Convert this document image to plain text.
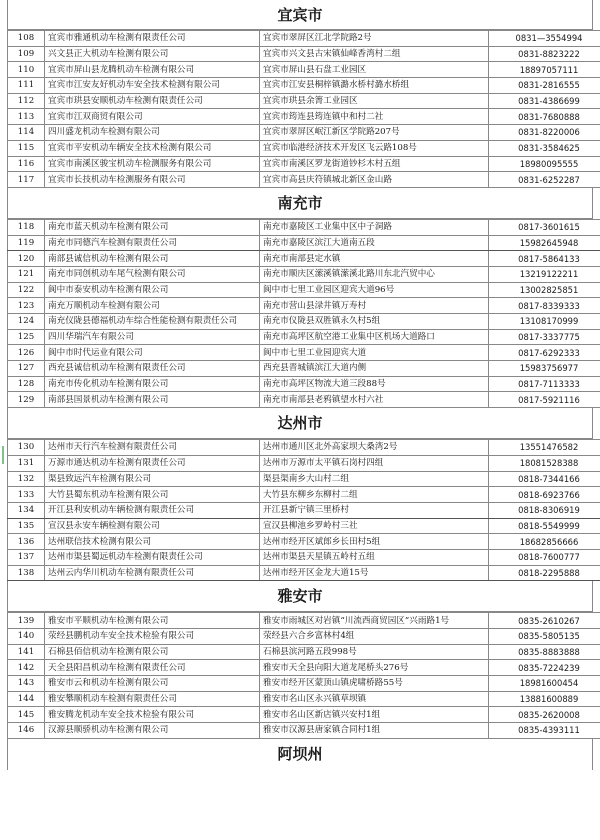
宜宾市
108	宜宾市雅通机动车检测有限责任公司	宜宾市翠屏区江北学院路2号	0831—3554994
109	兴文县正大机动车检测有限公司	宜宾市兴文县古宋镇仙峰香湾村二组	0831-8823222
110	宜宾市屏山县龙腾机动车检测有限公司	宜宾市屏山县石盘工业园区	18897057111
111	宜宾市江安友好机动车安全技术检测有限公司	宜宾市江安县桐梓镇潞水桥村潞水桥组	0831-2816555
112	宜宾市珙县安顺机动车检测有限责任公司	宜宾市珙县余箐工业园区	0831-4386699
113	宜宾市江双商贸有限公司	宜宾市筠连县筠连镇中和村二社	0831-7680888
114	四川盛龙机动车检测有限公司	宜宾市翠屏区岷江新区学院路207号	0831-8220006
115	宜宾市平安机动车辆安全技术检测有限公司	宜宾市临港经济技术开发区飞云路108号	0831-3584625
116	宜宾市南溪区骏宝机动车检测服务有限公司	宜宾市南溪区罗龙街道钞杉木村五组	18980095555
117	宜宾市长技机动车检测服务有限公司	宜宾市高县庆符镇城北新区金山路	0831-6252287
南充市
118	南充市蓝天机动车检测有限公司	南充市嘉陵区工业集中区中子洞路	0817-3601615
119	南充市同德汽车检测有限责任公司	南充市嘉陵区滨江大道南五段	15982645948
120	南部县诚信机动车检测有限公司	南充市南部县定水镇	0817-5864133
121	南充市同创机动车尾气检测有限公司	南充市顺庆区潆溪镇潆溪北路川东北汽贸中心	13219122211
122	阆中市泰安机动车检测有限公司	阆中市七里工业园区迎宾大道96号	13002825851
123	南充万顺机动车检测有限公司	南充市营山县渌井镇万寿村	0817-8339333
124	南充仪陇县德福机动车综合性能检测有限责任公司	南充市仪陇县双胜镇永久村5组	13108170999
125	四川华瑞汽车有限公司	南充市高坪区航空港工业集中区机场大道路口	0817-3337775
126	阆中市时代运业有限公司	阆中市七里工业园迎宾大道	0817-6292333
127	西充县诚信机动车检测有限责任公司	西充县晋城镇滨江大道内侧	15983756977
128	南充市传化机动车检测有限公司	南充市高坪区物流大道三段88号	0817-7113333
129	南部县国景机动车检测有限公司	南充市南部县老鸦镇望水村六社	0817-5921116
达州市
130	达州市天行汽车检测有限责任公司	达州市通川区北外高家坝大桑湾2号	13551476582
131	万源市通达机动车检测有限责任公司	达州市万源市太平镇石岗村四组	18081528388
132	渠县致远汽车检测有限公司	渠县渠南乡大山村二组	0818-7344166
133	大竹县蜀东机动车检测有限公司	大竹县东柳乡东柳村二组	0818-6923766
134	开江县利安机动车辆检测有限责任公司	开江县新宁镇三里桥村	0818-8306919
135	宣汉县永安车辆检测有限公司	宣汉县柳池乡罗岭村三社	0818-5549999
136	达州联信技术检测有限公司	达州市经开区斌郎乡长田村5组	18682856666
137	达州市渠县蜀远机动车检测有限责任公司	达州市渠县天星镇五岭村五组	0818-7600777
138	达州云内华川机动车检测有限责任公司	达州市经开区金龙大道15号	0818-2295888
雅安市
139	雅安市平顺机动车检测有限公司	雅安市雨城区对岩镇“川流西商贸园区”兴雨路1号	0835-2610267
140	荥经县鹏机动车安全技术检验有限公司	荥经县六合乡富林村4组	0835-5805135
141	石棉县佰信机动车检测有限公司	石棉县滨河路五段998号	0835-8883888
142	天全县阳昌机动车检测有限责任公司	雅安市天全县向阳大道龙尾桥头276号	0835-7224239
143	雅安市云和机动车检测有限公司	雅安市经开区蒙顶山镇虎啸桥路55号	18981600454
144	雅安攀顺机动车检测有限责任公司	雅安市名山区永兴镇草坝镇	13881600889
145	雅安腾龙机动车安全技术检验有限公司	雅安市名山区新店镇兴安村1组	0835-2620008
146	汉源县顺骄机动车检测有限公司	雅安市汉源县唐家镇合同村1组	0835-4393111
阿坝州
